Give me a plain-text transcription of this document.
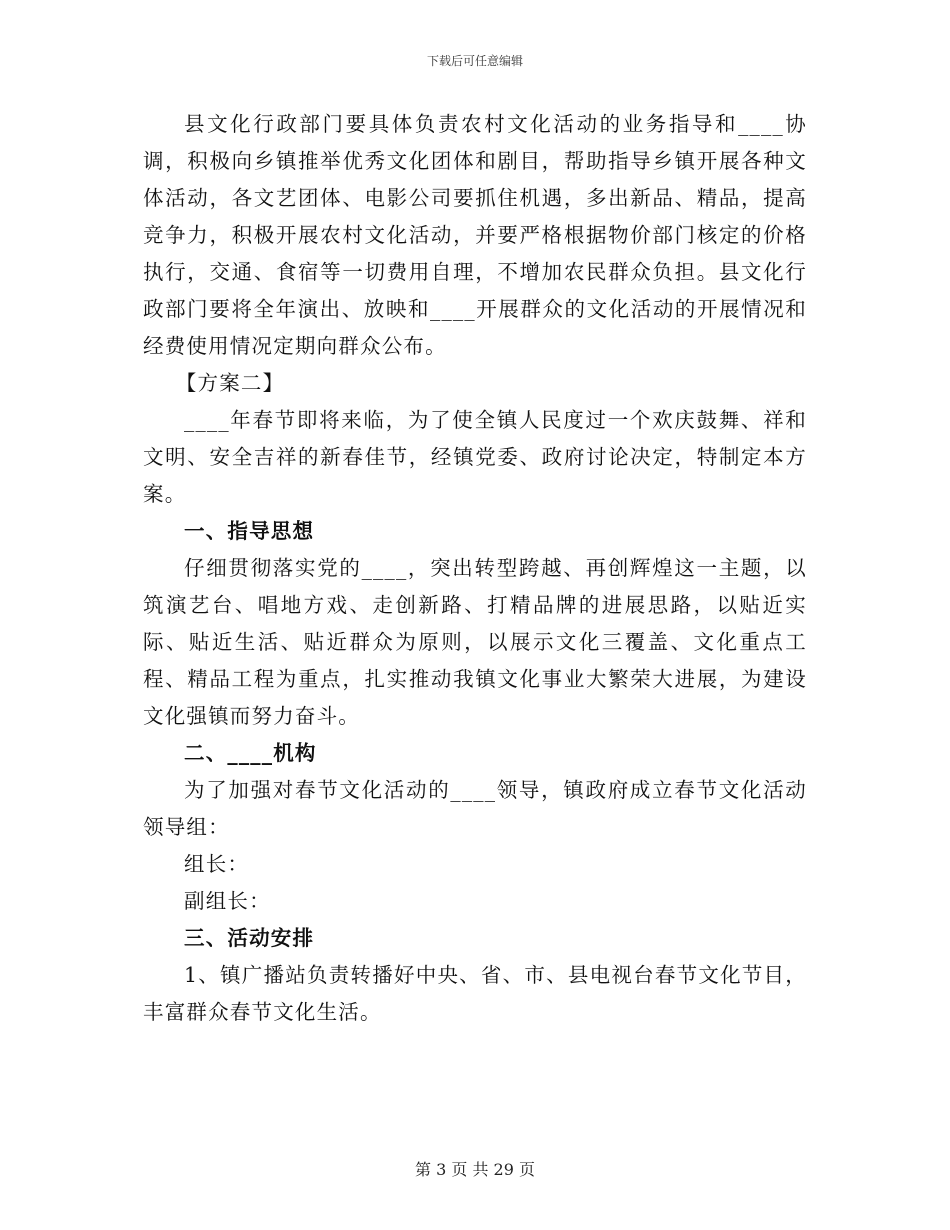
下载后可任意编辑

县文化行政部门要具体负责农村文化活动的业务指导和____协调，积极向乡镇推举优秀文化团体和剧目，帮助指导乡镇开展各种文体活动，各文艺团体、电影公司要抓住机遇，多出新品、精品，提高竞争力，积极开展农村文化活动，并要严格根据物价部门核定的价格执行，交通、食宿等一切费用自理，不增加农民群众负担。县文化行政部门要将全年演出、放映和____开展群众的文化活动的开展情况和经费使用情况定期向群众公布。

【方案二】

____年春节即将来临，为了使全镇人民度过一个欢庆鼓舞、祥和文明、安全吉祥的新春佳节，经镇党委、政府讨论决定，特制定本方案。

一、指导思想

仔细贯彻落实党的____，突出转型跨越、再创辉煌这一主题，以筑演艺台、唱地方戏、走创新路、打精品牌的进展思路，以贴近实际、贴近生活、贴近群众为原则，以展示文化三覆盖、文化重点工程、精品工程为重点，扎实推动我镇文化事业大繁荣大进展，为建设文化强镇而努力奋斗。

二、____机构

为了加强对春节文化活动的____领导，镇政府成立春节文化活动领导组：

组长：

副组长：

三、活动安排

1、镇广播站负责转播好中央、省、市、县电视台春节文化节目，丰富群众春节文化生活。

第 3 页 共 29 页
